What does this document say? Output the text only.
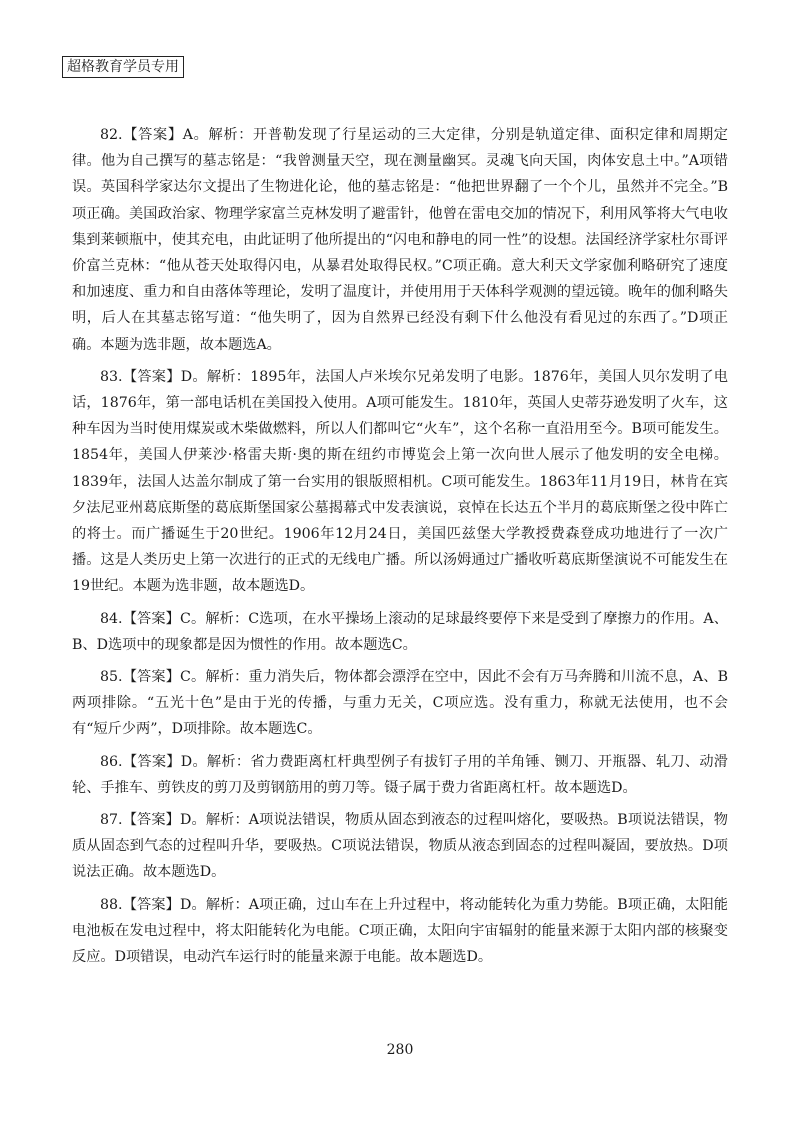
超格教育学员专用

82.【答案】A。解析：开普勒发现了行星运动的三大定律，分别是轨道定律、面积定律和周期定律。他为自己撰写的墓志铭是：“我曾测量天空，现在测量幽冥。灵魂飞向天国，肉体安息土中。”A项错误。英国科学家达尔文提出了生物进化论，他的墓志铭是：“他把世界翻了一个个儿，虽然并不完全。”B项正确。美国政治家、物理学家富兰克林发明了避雷针，他曾在雷电交加的情况下，利用风筝将大气电收集到莱顿瓶中，使其充电，由此证明了他所提出的“闪电和静电的同一性”的设想。法国经济学家杜尔哥评价富兰克林：“他从苍天处取得闪电，从暴君处取得民权。”C项正确。意大利天文学家伽利略研究了速度和加速度、重力和自由落体等理论，发明了温度计，并使用用于天体科学观测的望远镜。晚年的伽利略失明，后人在其墓志铭写道：“他失明了，因为自然界已经没有剩下什么他没有看见过的东西了。”D项正确。本题为选非题，故本题选A。

83.【答案】D。解析：1895年，法国人卢米埃尔兄弟发明了电影。1876年，美国人贝尔发明了电话，1876年，第一部电话机在美国投入使用。A项可能发生。1810年，英国人史蒂芬逊发明了火车，这种车因为当时使用煤炭或木柴做燃料，所以人们都叫它“火车”，这个名称一直沿用至今。B项可能发生。1854年，美国人伊莱沙·格雷夫斯·奥的斯在纽约市博览会上第一次向世人展示了他发明的安全电梯。1839年，法国人达盖尔制成了第一台实用的银版照相机。C项可能发生。1863年11月19日，林肯在宾夕法尼亚州葛底斯堡的葛底斯堡国家公墓揭幕式中发表演说，哀悼在长达五个半月的葛底斯堡之役中阵亡的将士。而广播诞生于20世纪。1906年12月24日，美国匹兹堡大学教授费森登成功地进行了一次广播。这是人类历史上第一次进行的正式的无线电广播。所以汤姆通过广播收听葛底斯堡演说不可能发生在19世纪。本题为选非题，故本题选D。

84.【答案】C。解析：C选项，在水平操场上滚动的足球最终要停下来是受到了摩擦力的作用。A、B、D选项中的现象都是因为惯性的作用。故本题选C。

85.【答案】C。解析：重力消失后，物体都会漂浮在空中，因此不会有万马奔腾和川流不息，A、B两项排除。“五光十色”是由于光的传播，与重力无关，C项应选。没有重力，称就无法使用，也不会有“短斤少两”，D项排除。故本题选C。

86.【答案】D。解析：省力费距离杠杆典型例子有拔钉子用的羊角锤、铡刀、开瓶器、轧刀、动滑轮、手推车、剪铁皮的剪刀及剪钢筋用的剪刀等。镊子属于费力省距离杠杆。故本题选D。

87.【答案】D。解析：A项说法错误，物质从固态到液态的过程叫熔化，要吸热。B项说法错误，物质从固态到气态的过程叫升华，要吸热。C项说法错误，物质从液态到固态的过程叫凝固，要放热。D项说法正确。故本题选D。

88.【答案】D。解析：A项正确，过山车在上升过程中，将动能转化为重力势能。B项正确，太阳能电池板在发电过程中，将太阳能转化为电能。C项正确，太阳向宇宙辐射的能量来源于太阳内部的核聚变反应。D项错误，电动汽车运行时的能量来源于电能。故本题选D。

280
